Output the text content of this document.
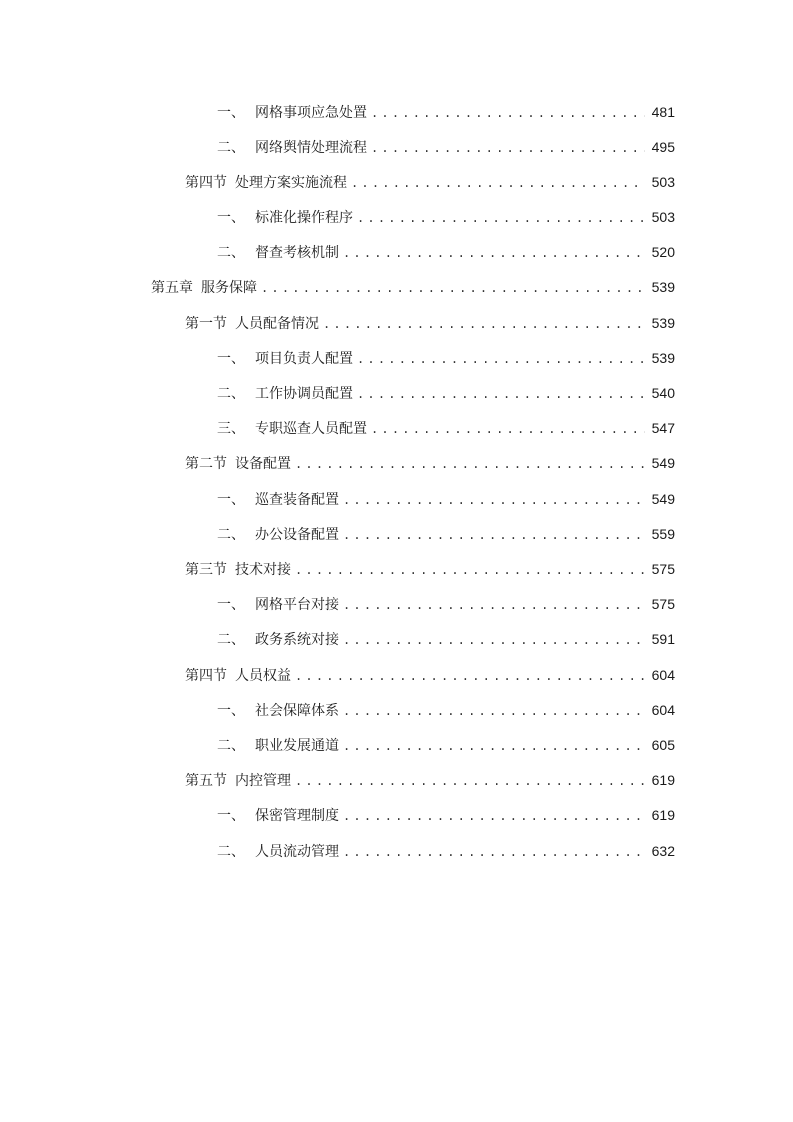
一、 网格事项应急处置 .....	481
二、 网络舆情处理流程 .....	495
第四节 处理方案实施流程 .....	503
一、 标准化操作程序 .....	503
二、 督查考核机制 .....	520
第五章 服务保障 .....	539
第一节 人员配备情况 .....	539
一、 项目负责人配置 .....	539
二、 工作协调员配置 .....	540
三、 专职巡查人员配置 .....	547
第二节 设备配置 .....	549
一、 巡查装备配置 .....	549
二、 办公设备配置 .....	559
第三节 技术对接 .....	575
一、 网格平台对接 .....	575
二、 政务系统对接 .....	591
第四节 人员权益 .....	604
一、 社会保障体系 .....	604
二、 职业发展通道 .....	605
第五节 内控管理 .....	619
一、 保密管理制度 .....	619
二、 人员流动管理 .....	632
